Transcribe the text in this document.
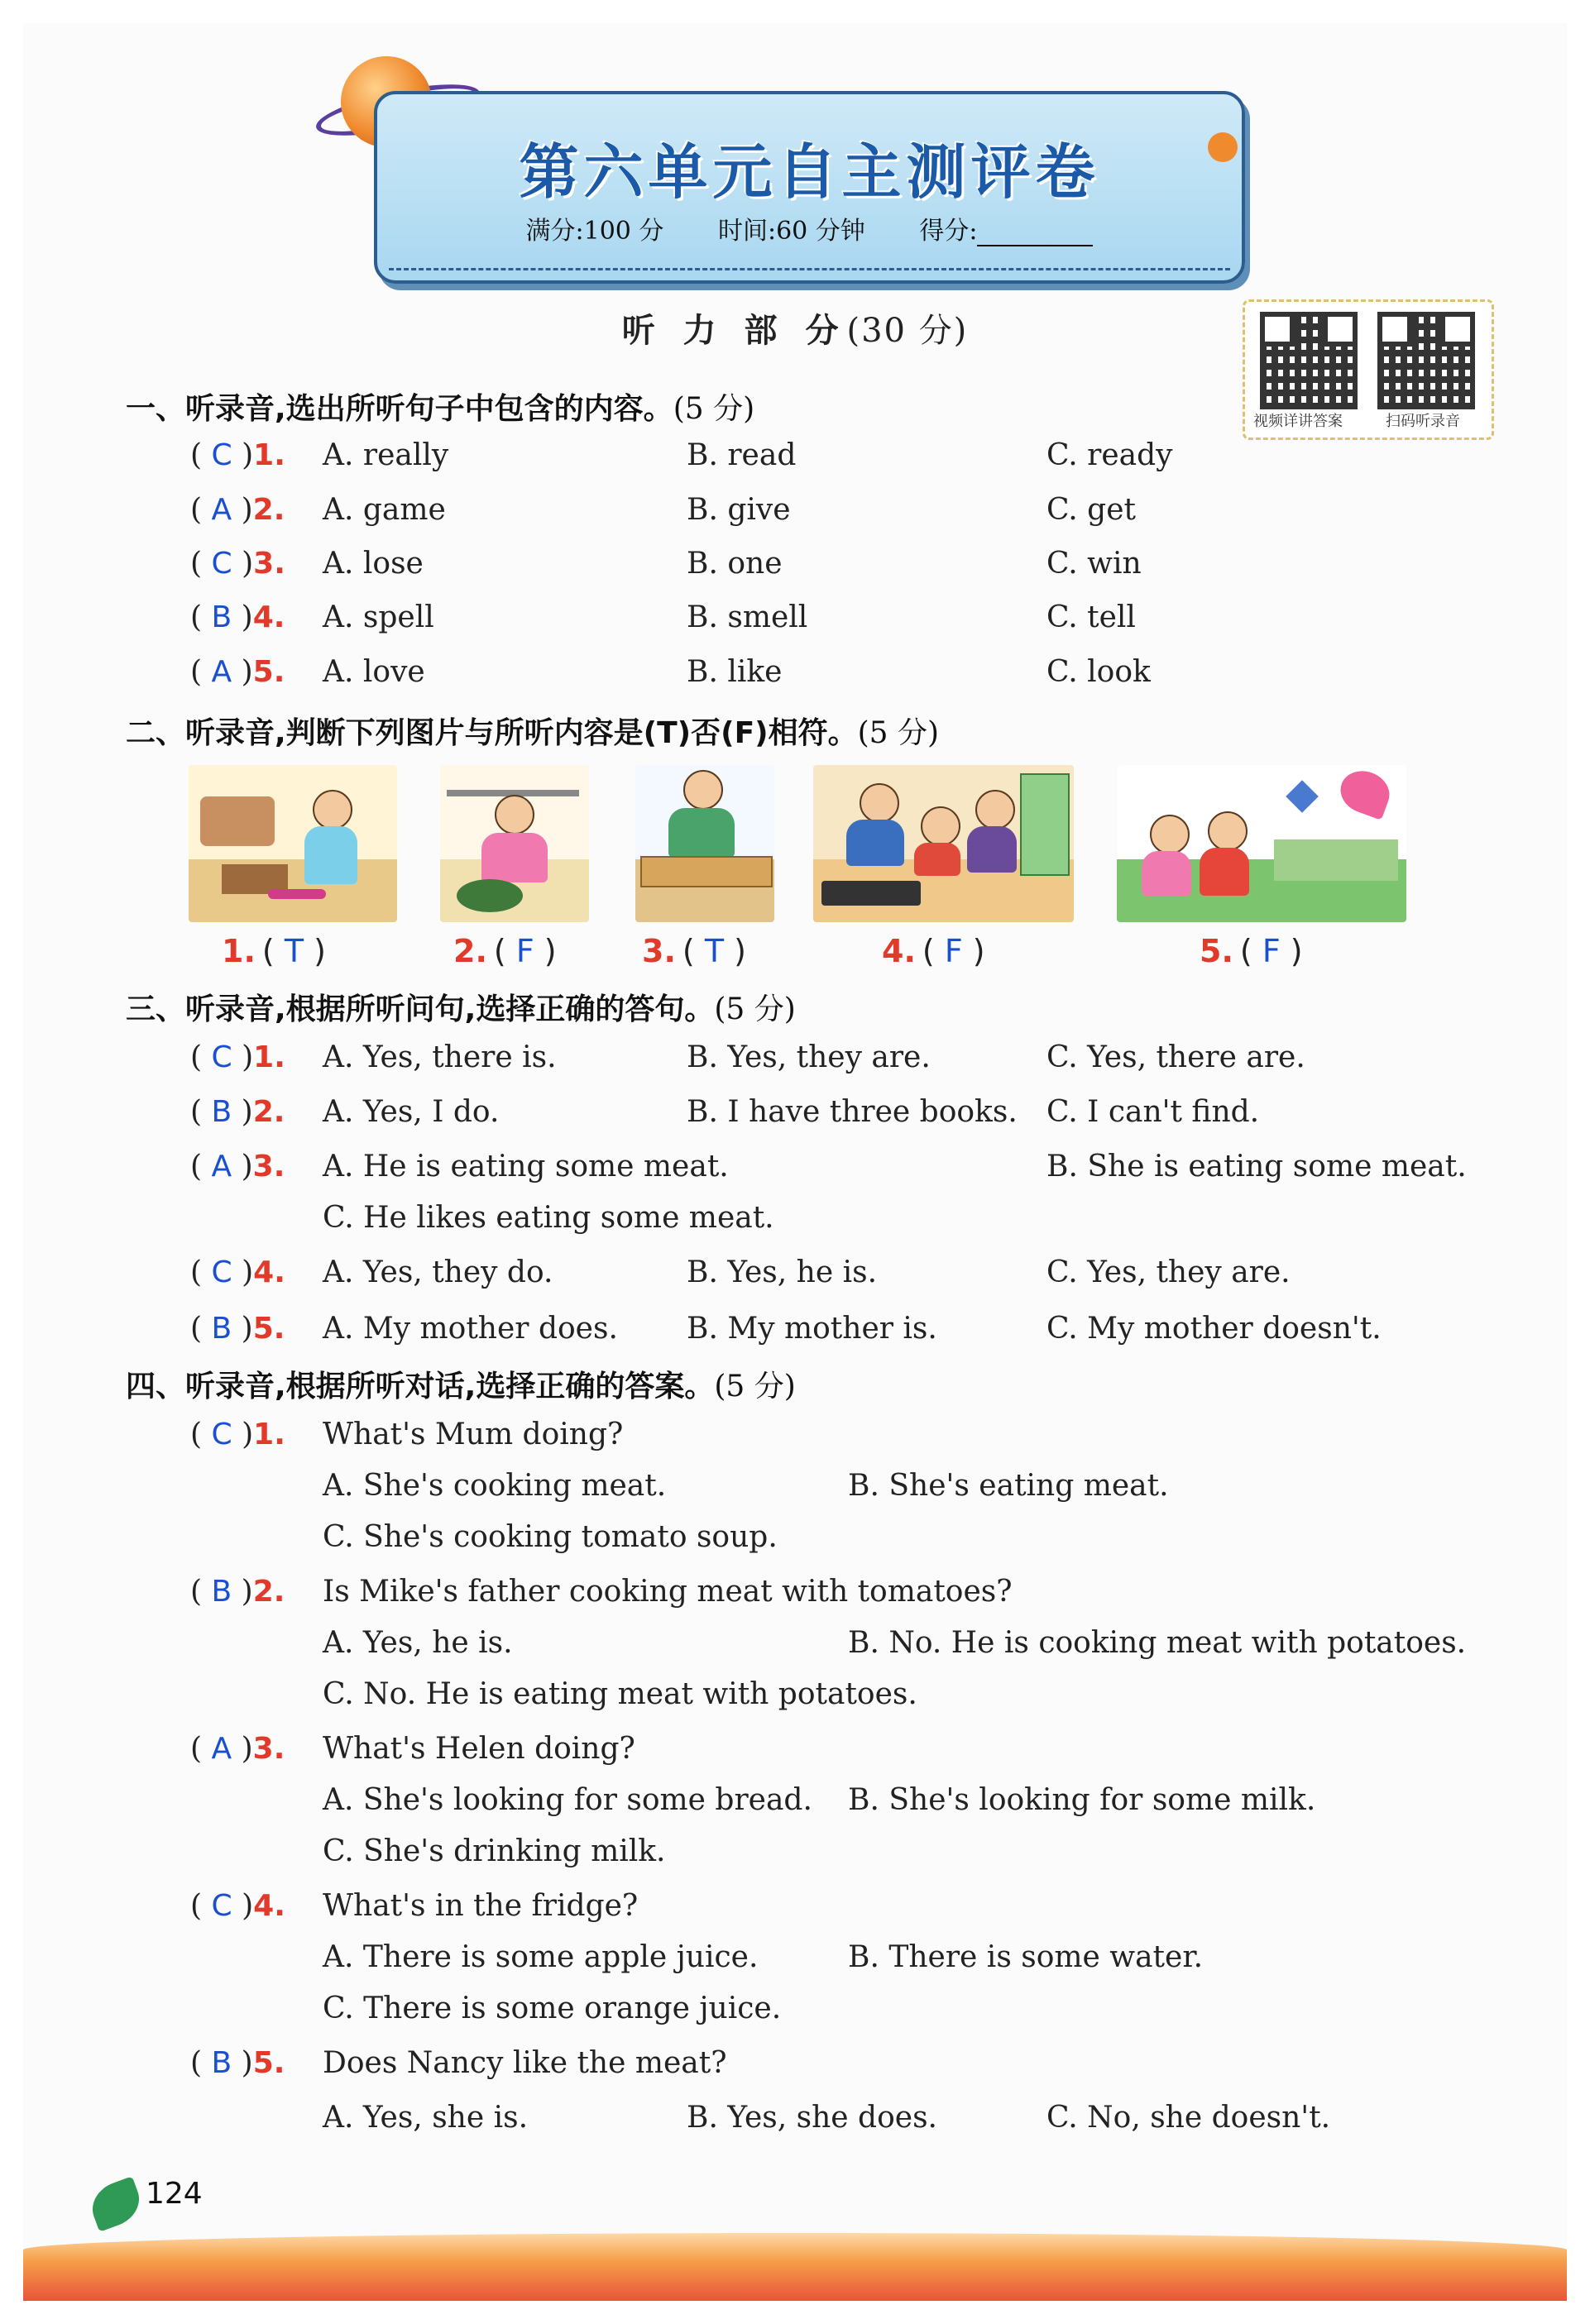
第六单元自主测评卷
满分:100 分 时间:60 分钟 得分:
视频详讲答案	扫码听录音
听 力 部 分(30 分)
一、听录音,选出所听句子中包含的内容。(5 分)
( C )1. A. really	B. read	C. ready
( A )2. A. game	B. give	C. get
( C )3. A. lose	B. one	C. win
( B )4. A. spell	B. smell	C. tell
( A )5. A. love	B. like	C. look
二、听录音,判断下列图片与所听内容是(T)否(F)相符。(5 分)
1. ( T )	2. ( F )	3. ( T )	4. ( F )	5. ( F )
三、听录音,根据所听问句,选择正确的答句。(5 分)
( C )1. A. Yes, there is.	B. Yes, they are.	C. Yes, there are.
( B )2. A. Yes, I do.	B. I have three books. C. I can't find.
( A )3. A. He is eating some meat.	B. She is eating some meat.
C. He likes eating some meat.
( C )4. A. Yes, they do.	B. Yes, he is.	C. Yes, they are.
( B )5. A. My mother does. B. My mother is.	C. My mother doesn't.
四、听录音,根据所听对话,选择正确的答案。(5 分)
( C )1. What's Mum doing?
A. She's cooking meat.	B. She's eating meat.
C. She's cooking tomato soup.
( B )2. Is Mike's father cooking meat with tomatoes?
A. Yes, he is.	B. No. He is cooking meat with potatoes.
C. No. He is eating meat with potatoes.
( A )3. What's Helen doing?
A. She's looking for some bread. B. She's looking for some milk.
C. She's drinking milk.
( C )4. What's in the fridge?
A. There is some apple juice.	B. There is some water.
C. There is some orange juice.
( B )5. Does Nancy like the meat?
A. Yes, she is.	B. Yes, she does.	C. No, she doesn't.
124
